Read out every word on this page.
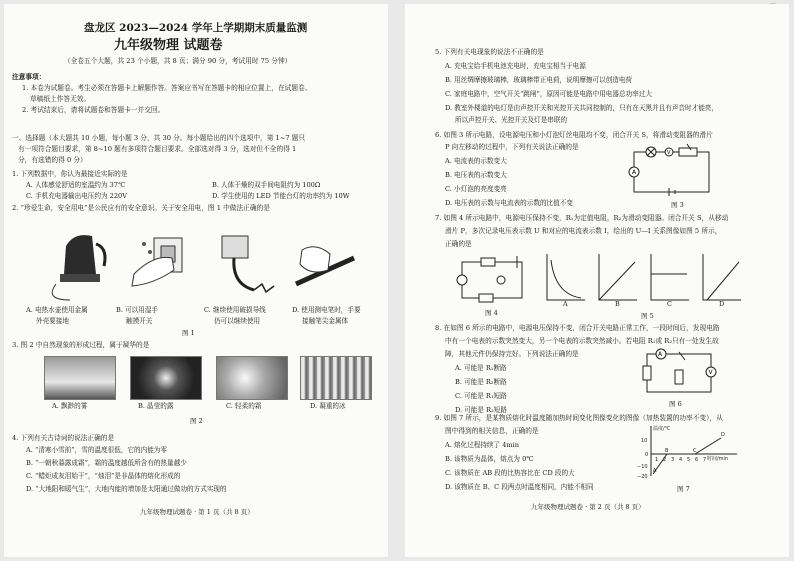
盘龙区 2023—2024 学年上学期期末质量监测
九年级物理 试题卷
（全卷五个大题，共 23 个小题，共 8 页；满分 90 分，考试用时 75 分钟）
注意事项：
1. 本卷为试题卷。考生必须在答题卡上解题作答。答案应书写在答题卡的相应位置上，在试题卷、
草稿纸上作答无效。
2. 考试结束后，请将试题卷和答题卡一并交回。
一、选择题（本大题共 10 小题，每小题 3 分，共 30 分。每小题给出的四个选项中，第 1~7 题只
有一项符合题目要求，第 8~10 题有多项符合题目要求。全部选对得 3 分，选对但不全的得 1
分，有选错的得 0 分）
1. 下列数据中，你认为最接近实际的是
A. 人体感觉舒适的室温约为 37℃	B. 人体干燥的双手间电阻约为 100Ω
C. 手机充电器输出电压约为 220V	D. 学生使用的 LED 节能台灯的功率约为 10W
2. “珍爱生命，安全用电”是公民应有的安全意识。关于安全用电，图 1 中做法正确的是
A. 电热水壶使用金属
外壳要接地
B. 可以用湿手
触摸开关
C. 继续使用破损导线
仍可以继续使用
D. 使用测电笔时，手要
接触笔尖金属体
图 1
3. 图 2 中自然现象的形成过程，属于凝华的是
A. 飘渺的雾	B. 晶莹的露	C. 轻柔的霜	D. 凝重的冰
图 2
4. 下列有关古诗词的说法正确的是
A. “清寒小雪前”，雪的温度很低，它的内能为零
B. “一朝秋暮露成霜”，霜的温度越低所含有的热量越少
C. “蜡炬成灰泪始干”，“烛泪”是非晶体的熔化形成的
D. “大地阳和暖气生”，大地内能的增加是太阳通过做功的方式实现的
九年级物理试题卷 · 第 1 页（共 8 页）
5. 下列有关电现象的说法不正确的是
A. 充电宝给手机电池充电时，充电宝相当于电源
B. 用丝绸摩擦玻璃棒，玻璃棒带正电荷，说明摩擦可以创造电荷
C. 家庭电路中，空气开关“跳闸”，原因可能是电路中用电器总功率过大
D. 教室外楼道的电灯是由声控开关和光控开关共同控制的，只有在天黑并且有声音时才能亮，
所以声控开关、光控开关及灯是串联的
6. 如图 3 所示电路，设电源电压和小灯泡灯丝电阻均不变，闭合开关 S，将滑动变阻器的滑片
P 向左移动的过程中，下列有关说法正确的是
A. 电流表的示数变大
B. 电压表的示数变大
C. 小灯泡的亮度变亮
D. 电压表的示数与电流表的示数的比值不变
A
V
图 3
7. 如图 4 所示电路中，电源电压保持不变，R₁为定值电阻，R₂为滑动变阻器。闭合开关 S，从移动
滑片 P，多次记录电压表示数 U 和对应的电流表示数 I，绘出的 U—I 关系图像如图 5 所示，
正确的是
图 4
A	B	C	D
图 5
8. 在如图 6 所示的电路中，电源电压保持不变，闭合开关电路正常工作，一段时间后，发现电路
中有一个电表的示数突然变大，另一个电表的示数突然减小。若电阻 R₁或 R₂只有一处发生故
障，其他元件仍保持完好。下列说法正确的是
A. 可能是 R₁断路
B. 可能是 R₂断路
C. 可能是 R₁短路
D. 可能是 R₂短路
A
V
图 6
9. 如图 7 所示，是某物质熔化时温度随加热时间变化图像变化的图像（加热装置的功率不变），从
图中得到的相关信息，正确的是
A. 熔化过程持续了 4min
B. 该物质为晶体，熔点为 0℃
C. 该物质在 AB 段的比热容比在 CD 段的大
D. 该物质在 B、C 段两点时温度相同，内能不相同
温度/℃
时间/min
10
0
−10
−20
1 2 3 4 5 6 7
A
B	C
D
图 7
九年级物理试题卷 · 第 2 页（共 8 页）
